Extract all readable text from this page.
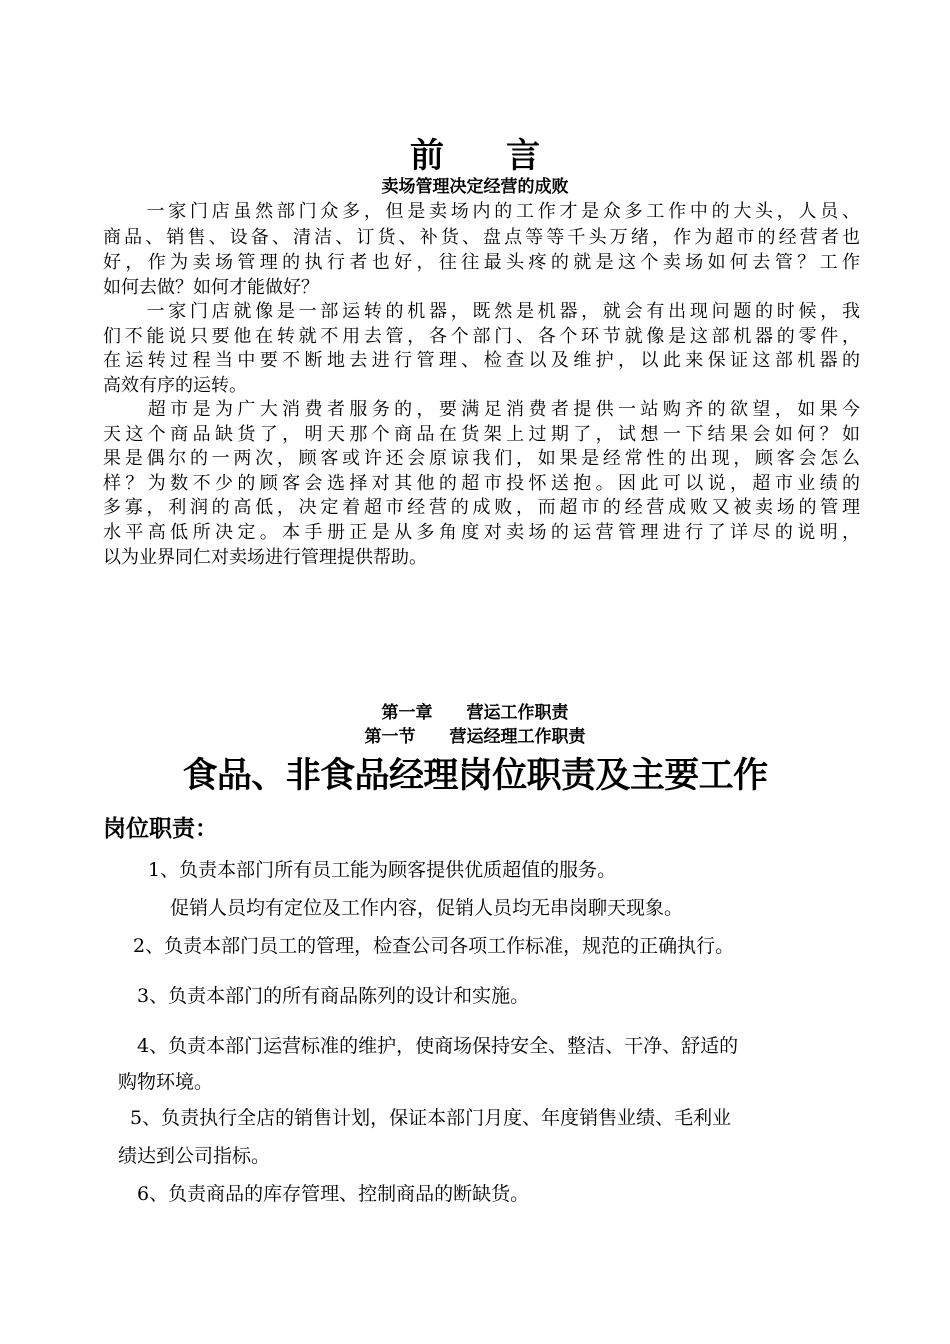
前 言
卖场管理决定经营的成败
　　一家门店虽然部门众多，但是卖场内的工作才是众多工作中的大头，人员、
商品、销售、设备、清洁、订货、补货、盘点等等千头万绪，作为超市的经营者也
好，作为卖场管理的执行者也好，往往最头疼的就是这个卖场如何去管？工作
如何去做？如何才能做好？
　　一家门店就像是一部运转的机器，既然是机器，就会有出现问题的时候，我
们不能说只要他在转就不用去管，各个部门、各个环节就像是这部机器的零件，
在运转过程当中要不断地去进行管理、检查以及维护，以此来保证这部机器的
高效有序的运转。
　　超市是为广大消费者服务的，要满足消费者提供一站购齐的欲望，如果今
天这个商品缺货了，明天那个商品在货架上过期了，试想一下结果会如何？如
果是偶尔的一两次，顾客或许还会原谅我们，如果是经常性的出现，顾客会怎么
样？为数不少的顾客会选择对其他的超市投怀送抱。因此可以说，超市业绩的
多寡，利润的高低，决定着超市经营的成败，而超市的经营成败又被卖场的管理
水平高低所决定。本手册正是从多角度对卖场的运营管理进行了详尽的说明，
以为业界同仁对卖场进行管理提供帮助。
第一章 营运工作职责
第一节 营运经理工作职责
食品、非食品经理岗位职责及主要工作
岗位职责：
1、负责本部门所有员工能为顾客提供优质超值的服务。
促销人员均有定位及工作内容，促销人员均无串岗聊天现象。
2、负责本部门员工的管理，检查公司各项工作标准，规范的正确执行。
3、负责本部门的所有商品陈列的设计和实施。
4、负责本部门运营标准的维护，使商场保持安全、整洁、干净、舒适的
购物环境。
5、负责执行全店的销售计划，保证本部门月度、年度销售业绩、毛利业
绩达到公司指标。
6、负责商品的库存管理、控制商品的断缺货。
